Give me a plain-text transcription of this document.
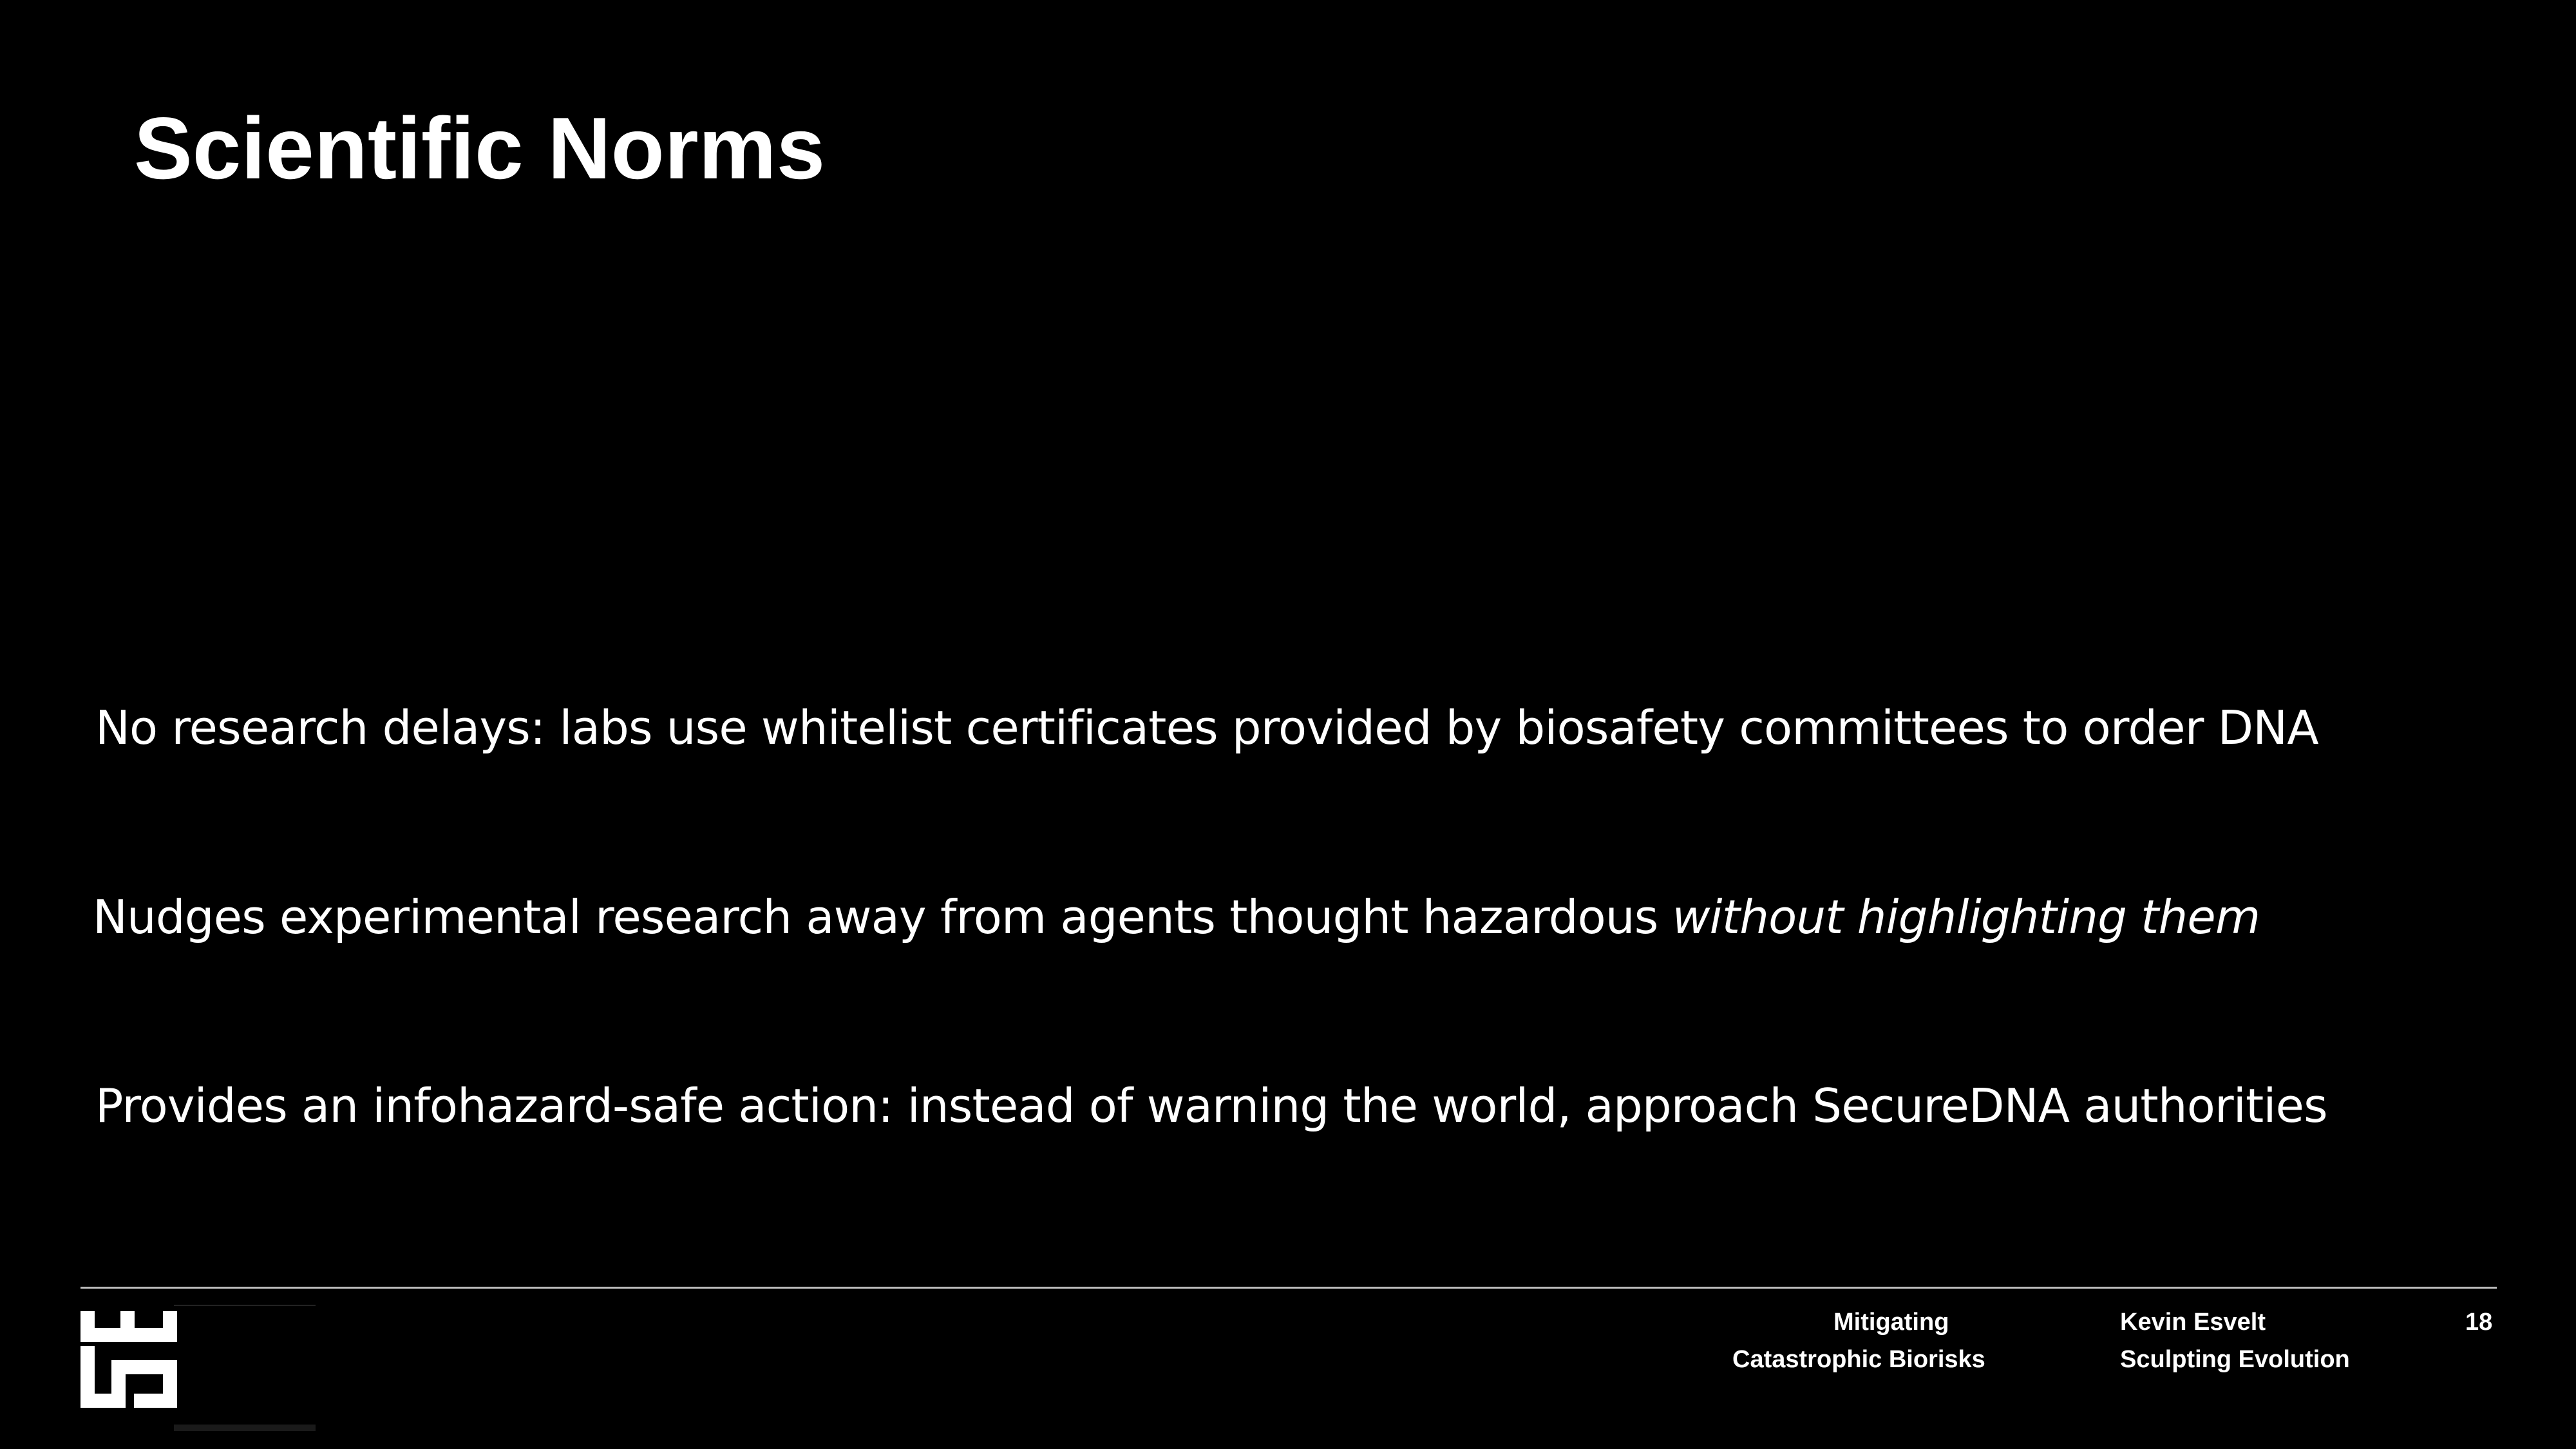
Scientific Norms
No research delays: labs use whitelist certificates provided by biosafety committees to order DNA
Nudges experimental research away from agents thought hazardous without highlighting them
Provides an infohazard-safe action: instead of warning the world, approach SecureDNA authorities
Mitigating
Catastrophic Biorisks
Kevin Esvelt
Sculpting Evolution
18
